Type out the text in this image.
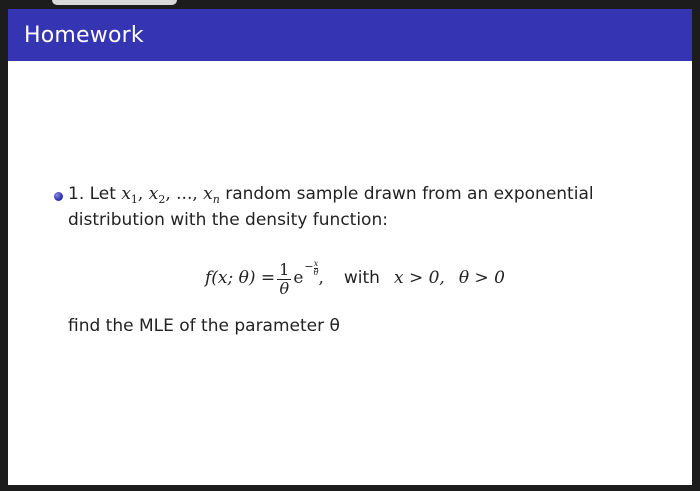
Homework
1. Let $x_1$, $x_2$, ..., $x_n$ random sample drawn from an exponential
distribution with the density function:
f(x; $\theta) = \frac{1}{\theta}$ e
− $\frac{x}{\theta}$ , with x > 0, θ > 0
find the MLE of the parameter θ
